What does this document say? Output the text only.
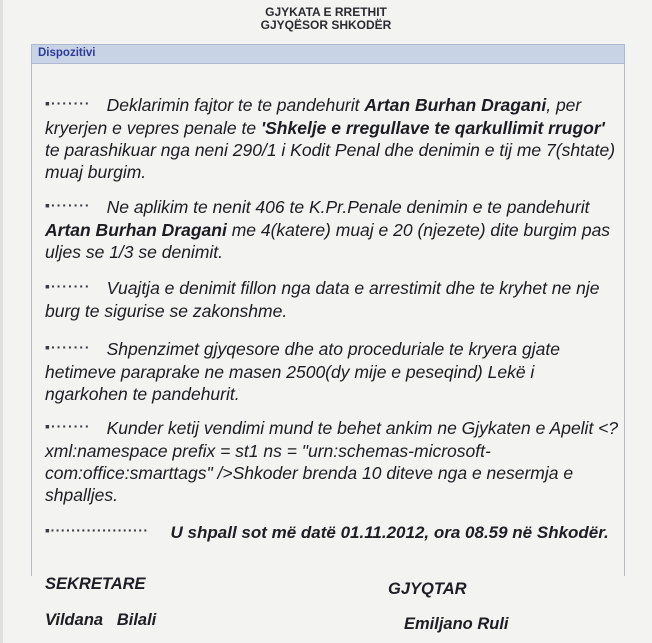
GJYKATA E RRETHIT
GJYQËSOR SHKODËR
Dispozitivi
▪······· Deklarimin fajtor te te pandehurit Artan Burhan Dragani, per kryerjen e vepres penale te 'Shkelje e rregullave te qarkullimit rrugor' te parashikuar nga neni 290/1 i Kodit Penal dhe denimin e tij me 7(shtate) muaj burgim.
▪······· Ne aplikim te nenit 406 te K.Pr.Penale denimin e te pandehurit Artan Burhan Dragani me 4(katere) muaj e 20 (njezete) dite burgim pas uljes se 1/3 se denimit.
▪······· Vuajtja e denimit fillon nga data e arrestimit dhe te kryhet ne nje burg te sigurise se zakonshme.
▪······· Shpenzimet gjyqesore dhe ato proceduriale te kryera gjate hetimeve paraprake ne masen 2500(dy mije e peseqind) Lekë i ngarkohen te pandehurit.
▪······· Kunder ketij vendimi mund te behet ankim ne Gjykaten e Apelit <?xml:namespace prefix = st1 ns = "urn:schemas-microsoft-com:office:smarttags" />Shkoder brenda 10 diteve nga e nesermja e shpalljes.
▪··················· U shpall sot më datë 01.11.2012, ora 08.59 në Shkodër.
SEKRETARE	GJYQTAR
Vildana   Bilali	Emiljano Ruli
